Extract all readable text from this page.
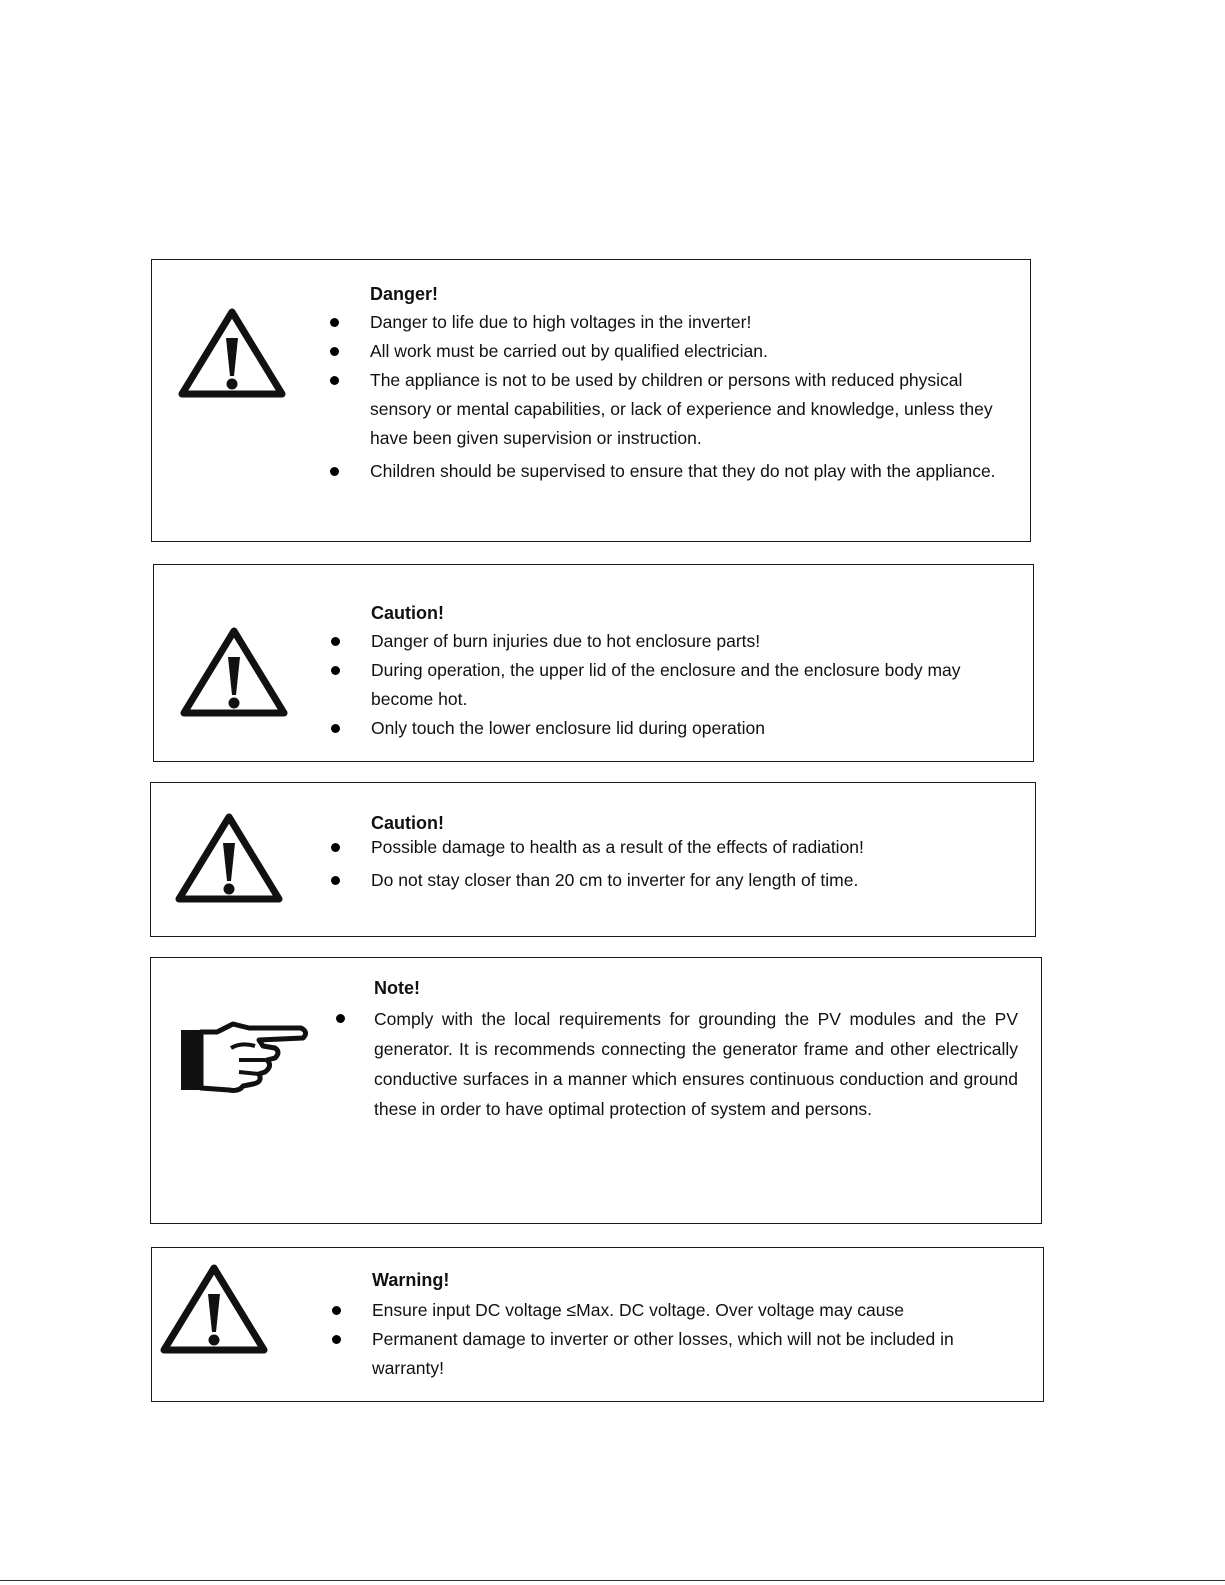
Danger!
Danger to life due to high voltages in the inverter!
All work must be carried out by qualified electrician.
The appliance is not to be used by children or persons with reduced physical sensory or mental capabilities, or lack of experience and knowledge, unless they have been given supervision or instruction.
Children should be supervised to ensure that they do not play with the appliance.
Caution!
Danger of burn injuries due to hot enclosure parts!
During operation, the upper lid of the enclosure and the enclosure body may become hot.
Only touch the lower enclosure lid during operation
Caution!
Possible damage to health as a result of the effects of radiation!
Do not stay closer than 20 cm to inverter for any length of time.
Note!
Comply with the local requirements for grounding the PV modules and the PV generator. It is recommends connecting the generator frame and other electrically conductive surfaces in a manner which ensures continuous conduction and ground these in order to have optimal protection of system and persons.
Warning!
Ensure input DC voltage ≤Max. DC voltage. Over voltage may cause
Permanent damage to inverter or other losses, which will not be included in warranty!
